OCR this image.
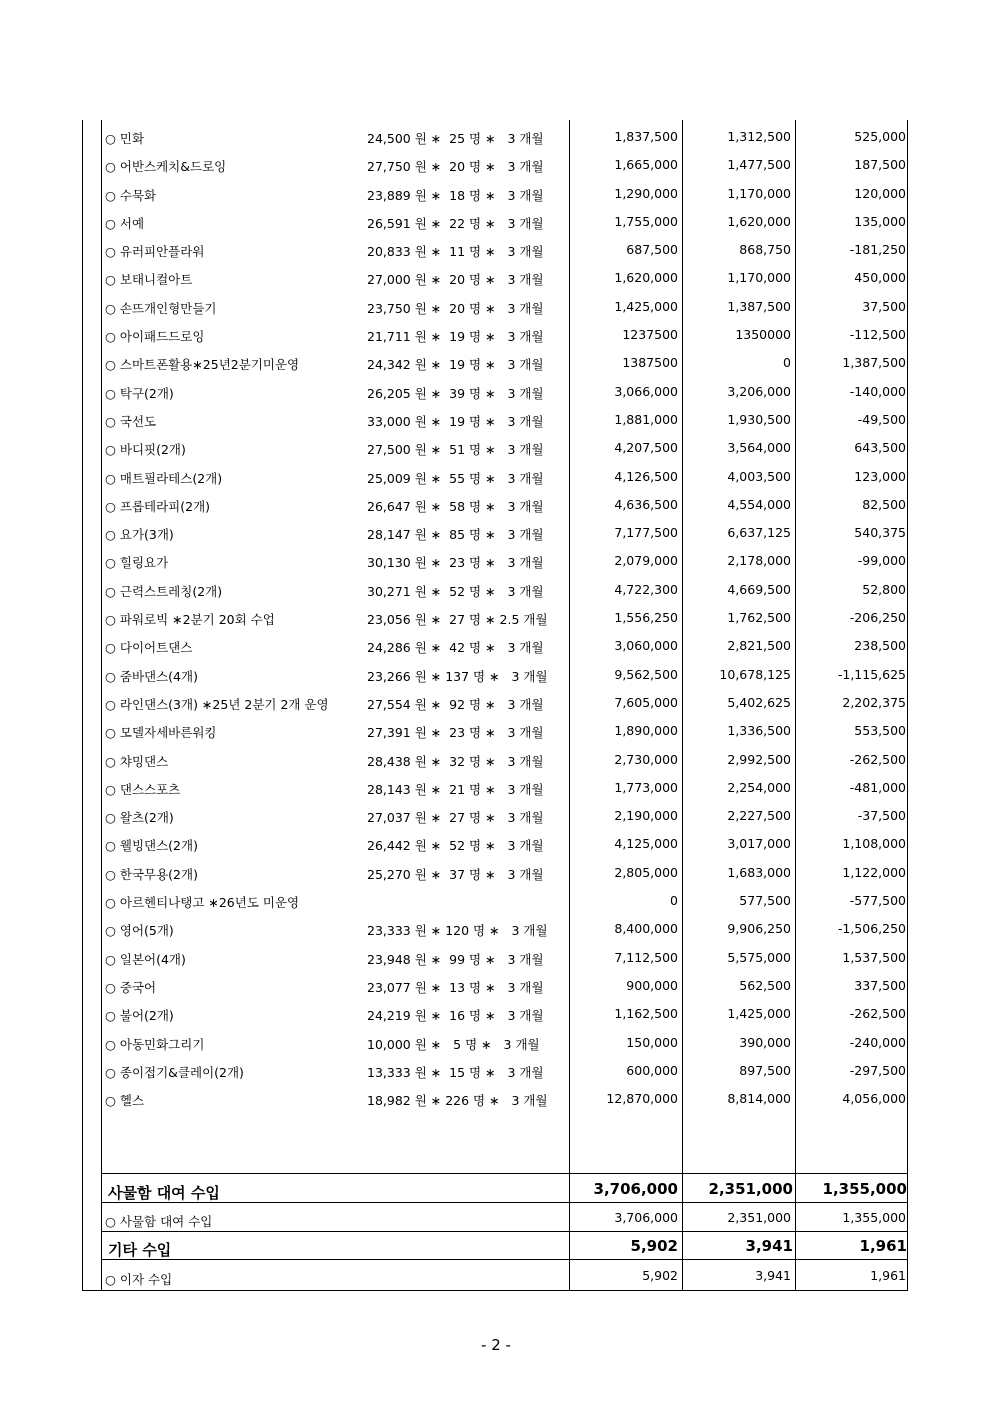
○ 민화	24,500 원 ∗  25 명 ∗   3 개월	1,837,500	1,312,500	525,000
○ 어반스케치&드로잉	27,750 원 ∗  20 명 ∗   3 개월	1,665,000	1,477,500	187,500
○ 수묵화	23,889 원 ∗  18 명 ∗   3 개월	1,290,000	1,170,000	120,000
○ 서예	26,591 원 ∗  22 명 ∗   3 개월	1,755,000	1,620,000	135,000
○ 유러피안플라워	20,833 원 ∗  11 명 ∗   3 개월	687,500	868,750	-181,250
○ 보태니컬아트	27,000 원 ∗  20 명 ∗   3 개월	1,620,000	1,170,000	450,000
○ 손뜨개인형만들기	23,750 원 ∗  20 명 ∗   3 개월	1,425,000	1,387,500	37,500
○ 아이패드드로잉	21,711 원 ∗  19 명 ∗   3 개월	1237500	1350000	-112,500
○ 스마트폰활용∗25년2분기미운영	24,342 원 ∗  19 명 ∗   3 개월	1387500	0	1,387,500
○ 탁구(2개)	26,205 원 ∗  39 명 ∗   3 개월	3,066,000	3,206,000	-140,000
○ 국선도	33,000 원 ∗  19 명 ∗   3 개월	1,881,000	1,930,500	-49,500
○ 바디핏(2개)	27,500 원 ∗  51 명 ∗   3 개월	4,207,500	3,564,000	643,500
○ 매트필라테스(2개)	25,009 원 ∗  55 명 ∗   3 개월	4,126,500	4,003,500	123,000
○ 프롭테라피(2개)	26,647 원 ∗  58 명 ∗   3 개월	4,636,500	4,554,000	82,500
○ 요가(3개)	28,147 원 ∗  85 명 ∗   3 개월	7,177,500	6,637,125	540,375
○ 힐링요가	30,130 원 ∗  23 명 ∗   3 개월	2,079,000	2,178,000	-99,000
○ 근력스트레칭(2개)	30,271 원 ∗  52 명 ∗   3 개월	4,722,300	4,669,500	52,800
○ 파워로빅 ∗2분기 20회 수업	23,056 원 ∗  27 명 ∗ 2.5 개월	1,556,250	1,762,500	-206,250
○ 다이어트댄스	24,286 원 ∗  42 명 ∗   3 개월	3,060,000	2,821,500	238,500
○ 줌바댄스(4개)	23,266 원 ∗ 137 명 ∗   3 개월	9,562,500	10,678,125	-1,115,625
○ 라인댄스(3개) ∗25년 2분기 2개 운영	27,554 원 ∗  92 명 ∗   3 개월	7,605,000	5,402,625	2,202,375
○ 모델자세바른워킹	27,391 원 ∗  23 명 ∗   3 개월	1,890,000	1,336,500	553,500
○ 챠밍댄스	28,438 원 ∗  32 명 ∗   3 개월	2,730,000	2,992,500	-262,500
○ 댄스스포츠	28,143 원 ∗  21 명 ∗   3 개월	1,773,000	2,254,000	-481,000
○ 왈츠(2개)	27,037 원 ∗  27 명 ∗   3 개월	2,190,000	2,227,500	-37,500
○ 웰빙댄스(2개)	26,442 원 ∗  52 명 ∗   3 개월	4,125,000	3,017,000	1,108,000
○ 한국무용(2개)	25,270 원 ∗  37 명 ∗   3 개월	2,805,000	1,683,000	1,122,000
○ 아르헨티나탱고 ∗26년도 미운영	0	577,500	-577,500
○ 영어(5개)	23,333 원 ∗ 120 명 ∗   3 개월	8,400,000	9,906,250	-1,506,250
○ 일본어(4개)	23,948 원 ∗  99 명 ∗   3 개월	7,112,500	5,575,000	1,537,500
○ 중국어	23,077 원 ∗  13 명 ∗   3 개월	900,000	562,500	337,500
○ 불어(2개)	24,219 원 ∗  16 명 ∗   3 개월	1,162,500	1,425,000	-262,500
○ 아동민화그리기	10,000 원 ∗   5 명 ∗   3 개월	150,000	390,000	-240,000
○ 종이접기&클레이(2개)	13,333 원 ∗  15 명 ∗   3 개월	600,000	897,500	-297,500
○ 헬스	18,982 원 ∗ 226 명 ∗   3 개월	12,870,000	8,814,000	4,056,000
사물함 대여 수입	3,706,000 2,351,000 1,355,000
○ 사물함 대여 수입	3,706,000	2,351,000	1,355,000
기타 수입	5,902	3,941	1,961
○ 이자 수입	5,902	3,941	1,961
- 2 -
